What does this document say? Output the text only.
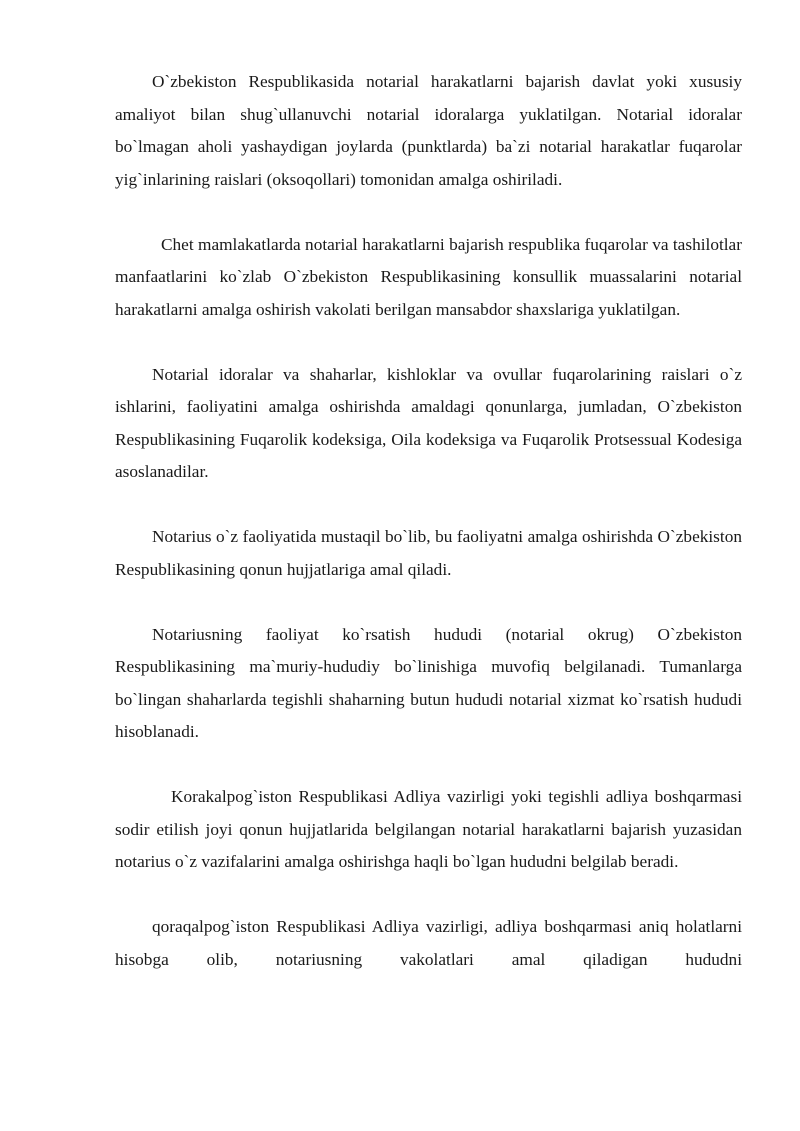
O`zbekiston Respublikasida notarial harakatlarni bajarish davlat yoki xususiy amaliyot bilan shug`ullanuvchi notarial idoralarga yuklatilgan. Notarial idoralar bo`lmagan aholi yashaydigan joylarda (punktlarda) ba`zi notarial harakatlar fuqarolar yig`inlarining raislari (oksoqollari) tomonidan amalga oshiriladi.

Chet mamlakatlarda notarial harakatlarni bajarish respublika fuqarolar va tashilotlar manfaatlarini ko`zlab O`zbekiston Respublikasining konsullik muassalarini notarial harakatlarni amalga oshirish vakolati berilgan mansabdor shaxslariga yuklatilgan.

Notarial idoralar va shaharlar, kishloklar va ovullar fuqarolarining raislari o`z ishlarini, faoliyatini amalga oshirishda amaldagi qonunlarga, jumladan, O`zbekiston Respublikasining Fuqarolik kodeksiga, Oila kodeksiga va Fuqarolik Protsessual Kodesiga asoslanadilar.

Notarius o`z faoliyatida mustaqil bo`lib, bu faoliyatni amalga oshirishda O`zbekiston Respublikasining qonun hujjatlariga amal qiladi.

Notariusning faoliyat ko`rsatish hududi (notarial okrug) O`zbekiston Respublikasining ma`muriy-hududiy bo`linishiga muvofiq belgilanadi. Tumanlarga bo`lingan shaharlarda tegishli shaharning butun hududi notarial xizmat ko`rsatish hududi hisoblanadi.

Korakalpog`iston Respublikasi Adliya vazirligi yoki tegishli adliya boshqarmasi sodir etilish joyi qonun hujjatlarida belgilangan notarial harakatlarni bajarish yuzasidan notarius o`z vazifalarini amalga oshirishga haqli bo`lgan hududni belgilab beradi.

qoraqalpog`iston Respublikasi Adliya vazirligi, adliya boshqarmasi aniq holatlarni hisobga olib, notariusning vakolatlari amal qiladigan hududni
